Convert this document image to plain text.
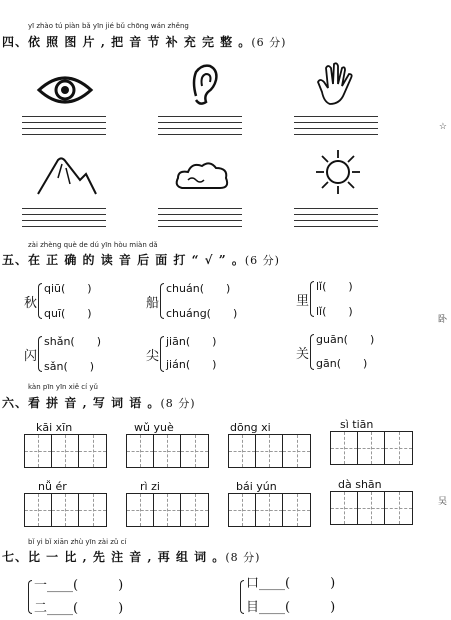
yī zhào tú piàn bǎ yīn jié bǔ chōng wán zhěng
四、依 照 图 片 , 把 音 节 补 充 完 整 。(6 分)
zài zhèng què de dú yīn hòu miàn dǎ
五、在 正 确 的 读 音 后 面 打 “ √ ” 。(6 分)
秋
qiū(　　)
quī(　　)
船
chuán(　　)
chuáng(　　)
里
lǐ(　　)
lǐ(　　)
闪
shǎn(　　)
sǎn(　　)
尖
jiān(　　)
jián(　　)
关
guān(　　)
gān(　　)
kàn pīn yīn xiě cí yǔ
六、看 拼 音 , 写 词 语 。(8 分)
kāi xīn	wǔ yuè	dōng xi	sì tiān
nǚ ér	rì zi	bái yún	dà shān
bǐ yi bǐ xiān zhù yīn zài zǔ cí
七、比 一 比 , 先 注 音 , 再 组 词 。(8 分)
一____(	)
二____(	)
口____(	)
目____(	)
☆
卧
吴
